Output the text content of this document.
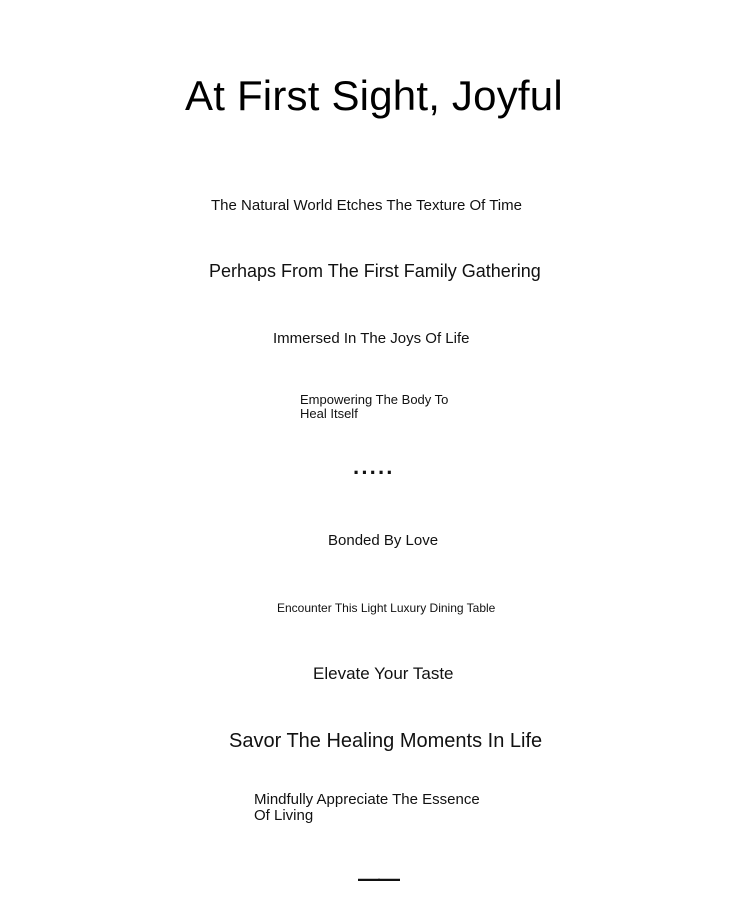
At First Sight, Joyful

The Natural World Etches The Texture Of Time

Perhaps From The First Family Gathering

Immersed In The Joys Of Life

Empowering The Body To Heal Itself

·····

Bonded By Love

Encounter This Light Luxury Dining Table

Elevate Your Taste

Savor The Healing Moments In Life

Mindfully Appreciate The Essence Of Living

——
